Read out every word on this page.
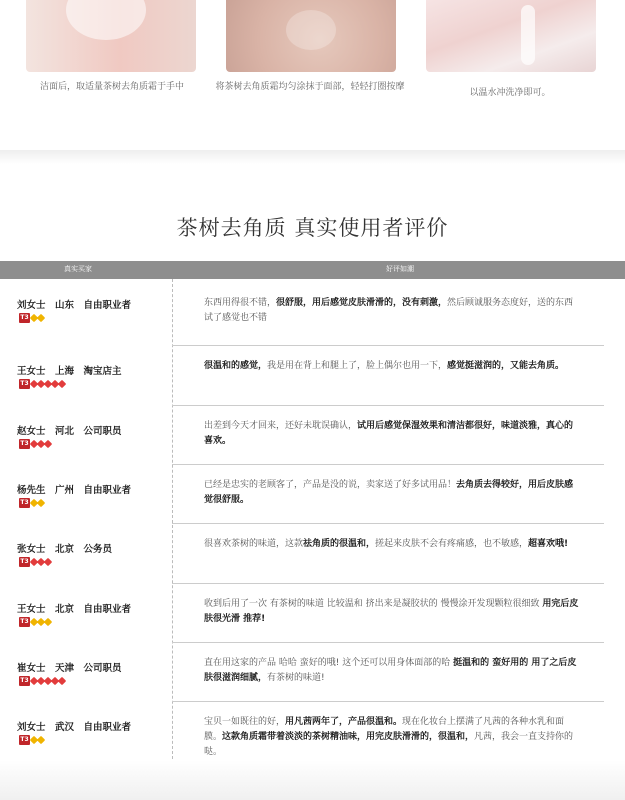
洁面后，取适量茶树去角质霜于手中	将茶树去角质霜均匀涂抹于面部，轻轻打圈按摩
以温水冲洗净即可。
茶树去角质 真实使用者评价
真实买家	好评如潮
刘女士　山东　自由职业者
T3
东西用得很不错，很舒服，用后感觉皮肤滑滑的，没有刺激，然后顾诚服务态度好，送的东西试了感觉也不错
王女士　上海　淘宝店主
T3
很温和的感觉，我是用在背上和腿上了，脸上偶尔也用一下，感觉挺滋润的，又能去角质。
赵女士　河北　公司职员
T3
出差到今天才回来，还好未耽误确认，试用后感觉保湿效果和清洁都很好，味道淡雅，真心的喜欢。
杨先生　广州　自由职业者
T3
已经是忠实的老顾客了，产品是没的说，卖家送了好多试用品！去角质去得较好，用后皮肤感觉很舒服。
张女士　北京　公务员
T3
很喜欢茶树的味道，这款祛角质的很温和，搓起来皮肤不会有疼痛感，也不敏感，超喜欢哦!
王女士　北京　自由职业者
T3
收到后用了一次 有茶树的味道 比较温和 挤出来是凝胶状的 慢慢涂开发现颗粒很细致 用完后皮肤很光滑 推荐!
崔女士　天津　公司职员
T3
直在用这家的产品 哈哈 蛮好的哦! 这个还可以用身体面部的哈 挺温和的 蛮好用的 用了之后皮肤很滋润细腻，有茶树的味道!
刘女士　武汉　自由职业者
T3
宝贝一如既往的好，用凡茜两年了，产品很温和。现在化妆台上摆满了凡茜的各种水乳和面膜。这款角质霜带着淡淡的茶树精油味，用完皮肤滑滑的，很温和，凡茜，我会一直支持你的哒。
